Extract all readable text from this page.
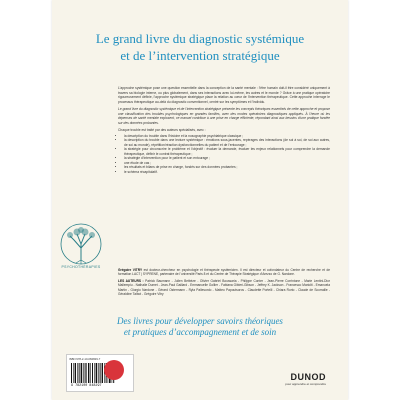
Le grand livre du diagnostic systémique
et de l’intervention stratégique

L’approche systémique pose une question essentielle dans la conception de la santé mentale : l’être humain doit-il être considéré uniquement à travers sa biologie interne, ou plus globalement, dans ses interactions avec lui-même, les autres et le monde ? Grâce à une pratique opératoire rigoureusement définie, l’approche systémique stratégique place la relation au cœur de l’intervention thérapeutique. Cette approche interroge le processus thérapeutique au-delà du diagnostic conventionnel, centré sur les symptômes et l’individu.

Le grand livre du diagnostic systémique et de l’intervention stratégique présente les concepts théoriques essentiels de cette approche et propose une classification des troubles psychologiques en grandes familles, avec des modes opératoires diagnostiques appliqués. À l’heure où les dépenses de santé mentale explosent, ce manuel contribue à une prise en charge efficiente, répondant ainsi aux besoins d’une pratique fondée sur des données probantes.

Chaque trouble est traité par des auteurs spécialisés, avec :

• la description du trouble dans l’histoire et la nosographie psychiatrique classique ;
• la description du trouble dans une lecture systémique : émotions sous-jacentes, repérages des interactions (de soi à soi, de soi aux autres, de soi au monde), répétition/réaction dysfonctionnelles du patient et de l’entourage ;
• la stratégie pour circonscrire le problème et l’objectif : évaluer la demande, évaluer les enjeux relationnels pour comprendre la demande thérapeutique, définir le contrat thérapeutique ;
• la stratégie d’intervention pour le patient et son entourage ;
• une étude de cas ;
• les résultats et bilans de prise en charge, fondés sur des données probantes ;
• le schéma récapitulatif.
PSYCHOTHÉRAPIES

Grégoire VITRY est docteur-chercheur en psychologie et thérapeute systémicien. Il est directeur et cofondateur du Centre de recherche et de formation LACT | SYPRENE, partenaire de l’université Paris 8 et du Centre de Thérapie Stratégique d’Arezzo de G. Nardone.

LES AUTEURS : Patrick Baumann - Julien Betbèze - Olivier Gabriel Boussaria - Philippe Conter - Jean-Pierre Corrintone - Marie Lentini-Dior Mallempiu - Nathalie Dumet - Jean-Paul Gaillard - Emmanuelle Gollier - Fabiana Gibieri-Gibson - Jeffrey K. Jackson - Francesco Mariolti - Emanuela Martin - Giorgio Nardone - Gérard Ostermann - Ryla Pallesordo - Matteo Papoutsoros - Claudette Portelli - Chiara Rorto - Claude de Scorraille - Géraldine Talbot - Grégoire Vitry

Des livres pour développer savoirs théoriques
et pratiques d’accompagnement et de soin
ISBN 978-2-10-084829-7
9 782100 848297
DUNOD
pour apprendre et comprendre
